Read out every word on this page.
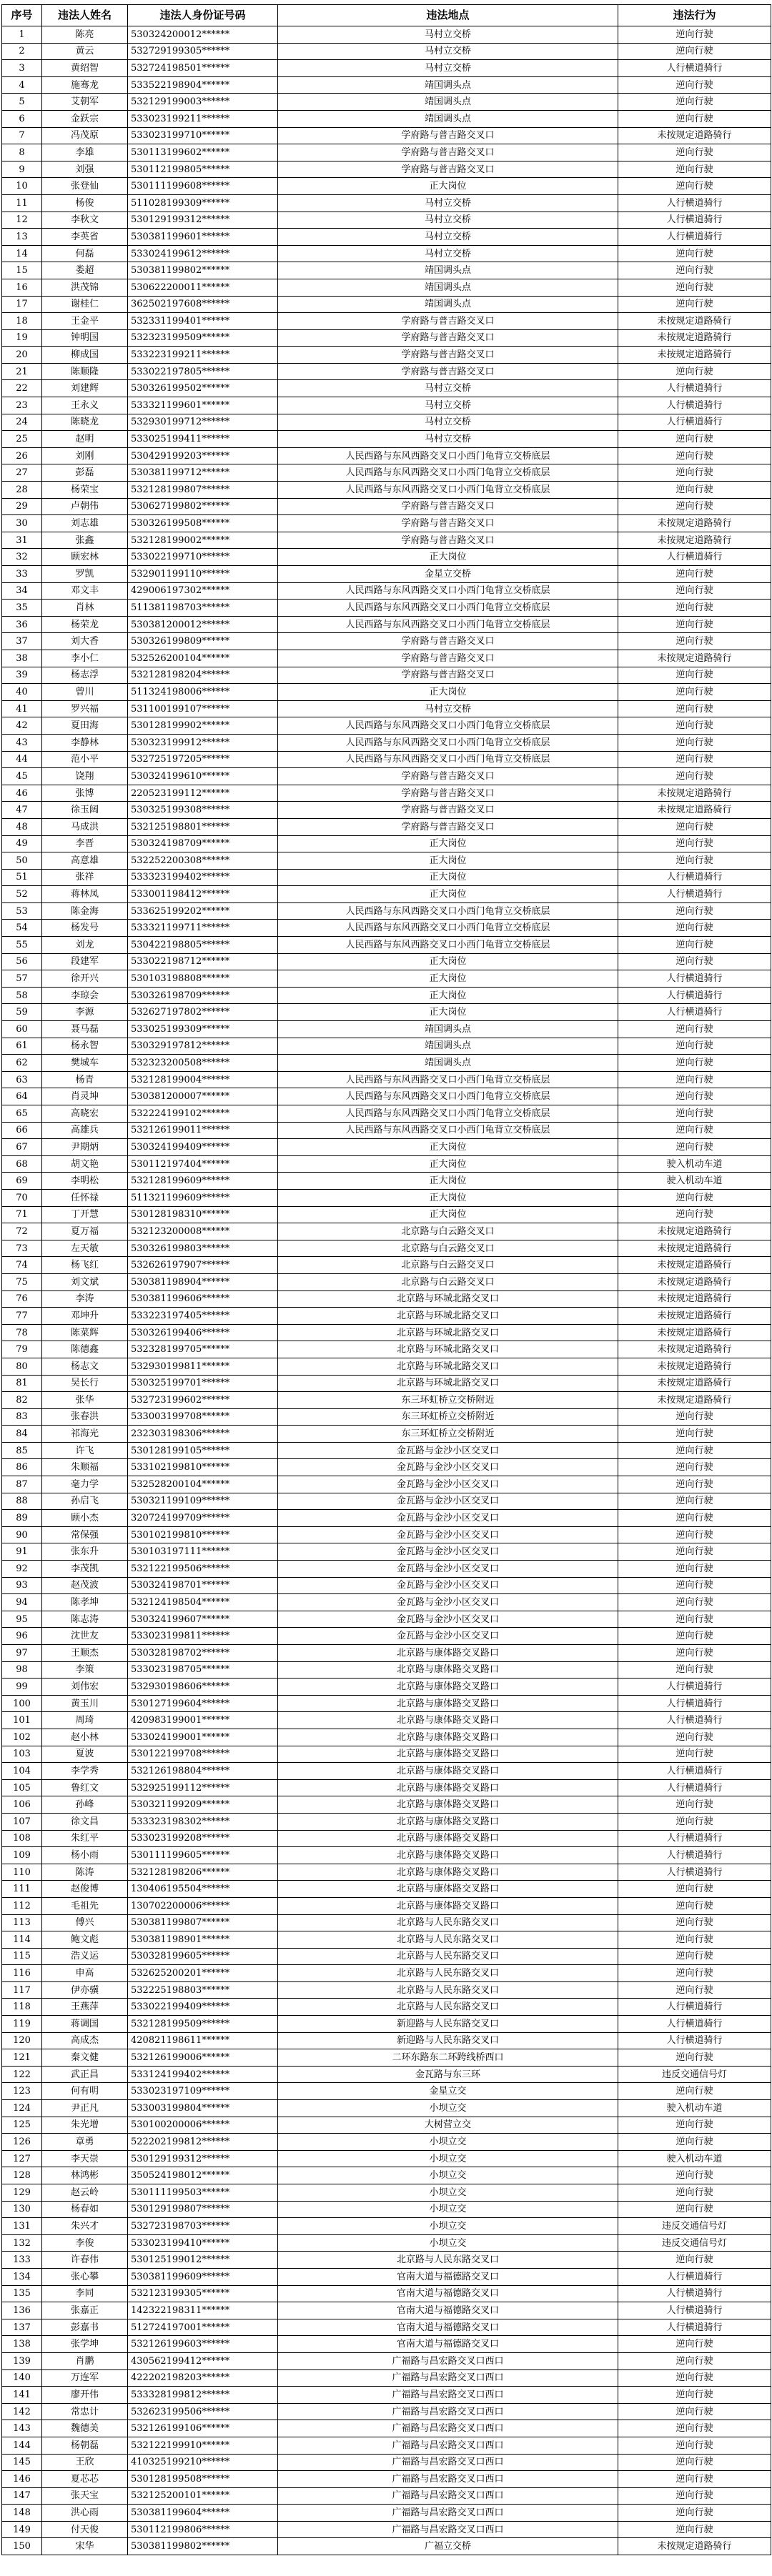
序号	违法人姓名	违法人身份证号码	违法地点	违法行为
1	陈亮	530324200012******	马村立交桥	逆向行驶
2	黄云	532729199305******	马村立交桥	逆向行驶
3	黄绍智	532724198501******	马村立交桥	人行横道骑行
4	施骞龙	533522198904******	靖国调头点	逆向行驶
5	艾朝军	532129199003******	靖国调头点	逆向行驶
6	金跃宗	533023199211******	靖国调头点	逆向行驶
7	冯茂原	533023199710******	学府路与普吉路交叉口	未按规定道路骑行
8	李雄	530113199602******	学府路与普吉路交叉口	逆向行驶
9	刘强	530112199805******	学府路与普吉路交叉口	逆向行驶
10	张登仙	530111199608******	正大岗位	逆向行驶
11	杨俊	511028199309******	马村立交桥	人行横道骑行
12	李秋文	530129199312******	马村立交桥	人行横道骑行
13	李英省	530381199601******	马村立交桥	人行横道骑行
14	何磊	533024199612******	马村立交桥	逆向行驶
15	娄超	530381199802******	靖国调头点	逆向行驶
16	洪茂锦	530622200011******	靖国调头点	逆向行驶
17	谢桂仁	362502197608******	靖国调头点	逆向行驶
18	王金平	532331199401******	学府路与普吉路交叉口	未按规定道路骑行
19	钟明国	532323199509******	学府路与普吉路交叉口	未按规定道路骑行
20	柳成国	533223199211******	学府路与普吉路交叉口	未按规定道路骑行
21	陈顺隆	533022197805******	学府路与普吉路交叉口	逆向行驶
22	刘建辉	530326199502******	马村立交桥	人行横道骑行
23	王永义	533321199601******	马村立交桥	人行横道骑行
24	陈晓龙	532930199712******	马村立交桥	人行横道骑行
25	赵明	533025199411******	马村立交桥	逆向行驶
26	刘刚	530429199203******	人民西路与东风西路交叉口小西门龟背立交桥底层	逆向行驶
27	彭磊	530381199712******	人民西路与东风西路交叉口小西门龟背立交桥底层	逆向行驶
28	杨荣宝	532128199807******	人民西路与东风西路交叉口小西门龟背立交桥底层	逆向行驶
29	卢朝伟	530627199802******	学府路与普吉路交叉口	逆向行驶
30	刘志雄	530326199508******	学府路与普吉路交叉口	未按规定道路骑行
31	张鑫	532128199002******	学府路与普吉路交叉口	未按规定道路骑行
32	顾宏林	533022199710******	正大岗位	人行横道骑行
33	罗凯	532901199110******	金星立交桥	逆向行驶
34	邓文丰	429006197302******	人民西路与东风西路交叉口小西门龟背立交桥底层	逆向行驶
35	肖林	511381198703******	人民西路与东风西路交叉口小西门龟背立交桥底层	逆向行驶
36	杨荣龙	530381200012******	人民西路与东风西路交叉口小西门龟背立交桥底层	逆向行驶
37	刘大香	530326199809******	学府路与普吉路交叉口	逆向行驶
38	李小仁	532526200104******	学府路与普吉路交叉口	未按规定道路骑行
39	杨志浮	532128198204******	学府路与普吉路交叉口	逆向行驶
40	曾川	511324198006******	正大岗位	逆向行驶
41	罗兴福	531100199107******	马村立交桥	逆向行驶
42	夏田海	530128199902******	人民西路与东风西路交叉口小西门龟背立交桥底层	逆向行驶
43	李静林	530323199912******	人民西路与东风西路交叉口小西门龟背立交桥底层	逆向行驶
44	范小平	532725197205******	人民西路与东风西路交叉口小西门龟背立交桥底层	逆向行驶
45	饶翔	530324199610******	学府路与普吉路交叉口	逆向行驶
46	张博	220523199112******	学府路与普吉路交叉口	未按规定道路骑行
47	徐玉阔	530325199308******	学府路与普吉路交叉口	未按规定道路骑行
48	马成洪	532125198801******	学府路与普吉路交叉口	逆向行驶
49	李晋	530324198709******	正大岗位	逆向行驶
50	高意雄	532252200308******	正大岗位	逆向行驶
51	张祥	533323199402******	正大岗位	人行横道骑行
52	蒋林凤	533001198412******	正大岗位	人行横道骑行
53	陈金海	533625199202******	人民西路与东风西路交叉口小西门龟背立交桥底层	逆向行驶
54	杨发号	533321199711******	人民西路与东风西路交叉口小西门龟背立交桥底层	逆向行驶
55	刘龙	530422198805******	人民西路与东风西路交叉口小西门龟背立交桥底层	逆向行驶
56	段建军	533022198712******	正大岗位	逆向行驶
57	徐开兴	530103198808******	正大岗位	人行横道骑行
58	李琼会	530326198709******	正大岗位	人行横道骑行
59	李源	532627197802******	正大岗位	人行横道骑行
60	聂马磊	533025199309******	靖国调头点	逆向行驶
61	杨永智	530329197812******	靖国调头点	逆向行驶
62	樊城车	532323200508******	靖国调头点	逆向行驶
63	杨青	532128199004******	人民西路与东风西路交叉口小西门龟背立交桥底层	逆向行驶
64	肖灵坤	530381200007******	人民西路与东风西路交叉口小西门龟背立交桥底层	逆向行驶
65	高晓宏	532224199102******	人民西路与东风西路交叉口小西门龟背立交桥底层	逆向行驶
66	高雄兵	532126199011******	人民西路与东风西路交叉口小西门龟背立交桥底层	逆向行驶
67	尹期炳	530324199409******	正大岗位	逆向行驶
68	胡文艳	530112197404******	正大岗位	驶入机动车道
69	李明松	532128199609******	正大岗位	驶入机动车道
70	任怀禄	511321199609******	正大岗位	逆向行驶
71	丁开慧	530128198310******	正大岗位	逆向行驶
72	夏万福	532123200008******	北京路与白云路交叉口	未按规定道路骑行
73	左天敏	530326199803******	北京路与白云路交叉口	未按规定道路骑行
74	杨飞红	532626197907******	北京路与白云路交叉口	未按规定道路骑行
75	刘文斌	530381198904******	北京路与白云路交叉口	未按规定道路骑行
76	李涛	530381199606******	北京路与环城北路交叉口	未按规定道路骑行
77	邓坤升	533223197405******	北京路与环城北路交叉口	未按规定道路骑行
78	陈菜辉	530326199406******	北京路与环城北路交叉口	未按规定道路骑行
79	陈德鑫	532328199705******	北京路与环城北路交叉口	未按规定道路骑行
80	杨志文	532930199811******	北京路与环城北路交叉口	未按规定道路骑行
81	吴长行	530325199701******	北京路与环城北路交叉口	未按规定道路骑行
82	张华	532723199602******	东三环虹桥立交桥附近	未按规定道路骑行
83	张春洪	533003199708******	东三环虹桥立交桥附近	逆向行驶
84	祁海光	232303198306******	东三环虹桥立交桥附近	逆向行驶
85	许飞	530128199105******	金瓦路与金沙小区交叉口	逆向行驶
86	朱顺福	533102199810******	金瓦路与金沙小区交叉口	逆向行驶
87	毫力学	532528200104******	金瓦路与金沙小区交叉口	逆向行驶
88	孙启飞	530321199109******	金瓦路与金沙小区交叉口	逆向行驶
89	顾小杰	320724199709******	金瓦路与金沙小区交叉口	逆向行驶
90	常保强	530102199810******	金瓦路与金沙小区交叉口	逆向行驶
91	张东升	530103197111******	金瓦路与金沙小区交叉口	逆向行驶
92	李茂凯	532122199506******	金瓦路与金沙小区交叉口	逆向行驶
93	赵茂波	530324198701******	金瓦路与金沙小区交叉口	逆向行驶
94	陈孝坤	532124198504******	金瓦路与金沙小区交叉口	逆向行驶
95	陈志涛	530324199607******	金瓦路与金沙小区交叉口	逆向行驶
96	沈世友	533023199811******	金瓦路与金沙小区交叉口	逆向行驶
97	王顺杰	530328198702******	北京路与康体路交叉路口	逆向行驶
98	李策	533023198705******	北京路与康体路交叉路口	逆向行驶
99	刘伟宏	532930198606******	北京路与康体路交叉路口	人行横道骑行
100	黄玉川	530127199604******	北京路与康体路交叉路口	人行横道骑行
101	周琦	420983199001******	北京路与康体路交叉路口	人行横道骑行
102	赵小林	533024199001******	北京路与康体路交叉路口	逆向行驶
103	夏波	530122199708******	北京路与康体路交叉路口	逆向行驶
104	李学秀	532126198804******	北京路与康体路交叉路口	人行横道骑行
105	鲁红文	532925199112******	北京路与康体路交叉路口	人行横道骑行
106	孙峰	530321199209******	北京路与康体路交叉路口	逆向行驶
107	徐文昌	533323198302******	北京路与康体路交叉路口	逆向行驶
108	朱红平	533023199208******	北京路与康体路交叉路口	人行横道骑行
109	杨小雨	530111199605******	北京路与康体路交叉路口	人行横道骑行
110	陈涛	532128198206******	北京路与康体路交叉路口	人行横道骑行
111	赵俊博	130406195504******	北京路与康体路交叉路口	逆向行驶
112	毛祖先	130702200006******	北京路与康体路交叉路口	逆向行驶
113	傅兴	530381199807******	北京路与人民东路交叉口	逆向行驶
114	鲍文彪	530381198901******	北京路与人民东路交叉口	逆向行驶
115	浩义运	530328199605******	北京路与人民东路交叉口	逆向行驶
116	申高	532625200201******	北京路与人民东路交叉口	逆向行驶
117	伊亦骥	532225198803******	北京路与人民东路交叉口	逆向行驶
118	王燕萍	533022199409******	北京路与人民东路交叉口	人行横道骑行
119	蒋调国	532128199509******	新迎路与人民东路交叉口	人行横道骑行
120	高成杰	420821198611******	新迎路与人民东路交叉口	人行横道骑行
121	秦文健	532126199006******	二环东路东二环跨线桥西口	逆向行驶
122	武正昌	533124199402******	金瓦路与东三环	违反交通信号灯
123	何有明	533023197109******	金星立交	逆向行驶
124	尹正凡	533003199804******	小坝立交	驶入机动车道
125	朱光增	530100200006******	大树营立交	逆向行驶
126	章勇	522202199812******	小坝立交	逆向行驶
127	李天崇	530129199312******	小坝立交	驶入机动车道
128	林鸿彬	350524198012******	小坝立交	逆向行驶
129	赵云岭	530111199503******	小坝立交	逆向行驶
130	杨春如	530129199807******	小坝立交	逆向行驶
131	朱兴才	532723198703******	小坝立交	违反交通信号灯
132	李俊	533023199410******	小坝立交	违反交通信号灯
133	许春伟	530125199012******	北京路与人民东路交叉口	逆向行驶
134	张心攀	530381199609******	官南大道与福德路交叉口	人行横道骑行
135	李同	532123199305******	官南大道与福德路交叉口	人行横道骑行
136	张嘉正	142322198311******	官南大道与福德路交叉口	人行横道骑行
137	彭嘉书	512724197001******	官南大道与福德路交叉口	人行横道骑行
138	张学坤	532126199603******	官南大道与福德路交叉口	逆向行驶
139	肖鹏	430562199412******	广福路与昌宏路交叉口西口	逆向行驶
140	万连军	422202198203******	广福路与昌宏路交叉口西口	逆向行驶
141	廖开伟	533328199812******	广福路与昌宏路交叉口西口	逆向行驶
142	常忠计	532623199506******	广福路与昌宏路交叉口西口	逆向行驶
143	魏德美	532126199106******	广福路与昌宏路交叉口西口	逆向行驶
144	杨朝磊	532122199910******	广福路与昌宏路交叉口西口	逆向行驶
145	王欣	410325199210******	广福路与昌宏路交叉口西口	逆向行驶
146	夏芯芯	530128199508******	广福路与昌宏路交叉口西口	逆向行驶
147	张天宝	532125200101******	广福路与昌宏路交叉口西口	逆向行驶
148	洪心雨	530381199604******	广福路与昌宏路交叉口西口	逆向行驶
149	付天俊	530112199806******	广福路与昌宏路交叉口西口	逆向行驶
150	宋华	530381199802******	广福立交桥	未按规定道路骑行
